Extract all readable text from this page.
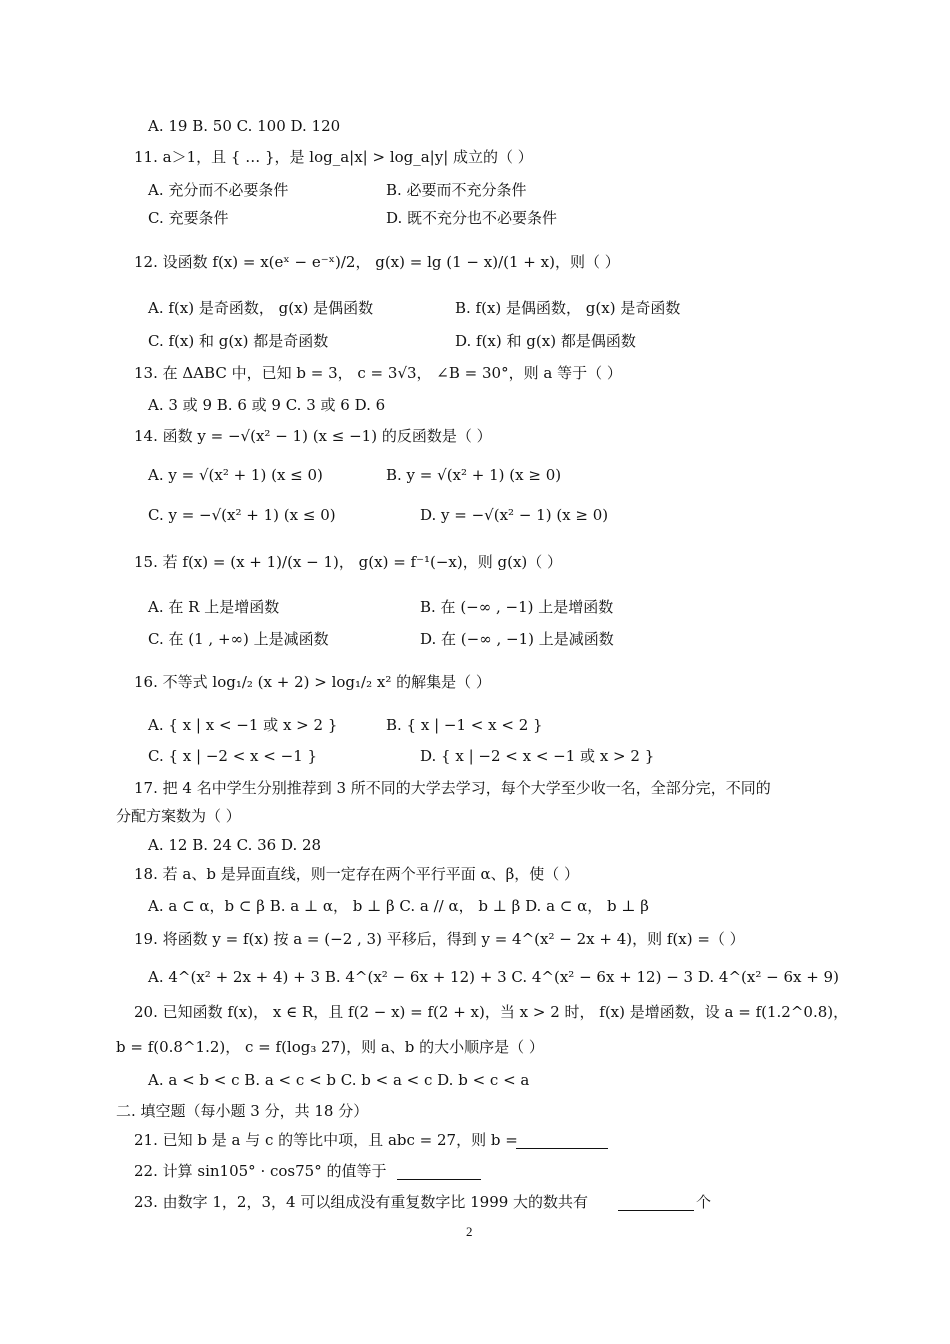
A. 19 B. 50 C. 100 D. 120
11. a＞1，且 { … }，是 log_a|x| > log_a|y| 成立的（ ）
A. 充分而不必要条件	B. 必要而不充分条件
C. 充要条件	D. 既不充分也不必要条件
12. 设函数 f(x) = x(eˣ − e⁻ˣ)/2， g(x) = lg (1 − x)/(1 + x)，则（ ）
A. f(x) 是奇函数， g(x) 是偶函数	B. f(x) 是偶函数， g(x) 是奇函数
C. f(x) 和 g(x) 都是奇函数	D. f(x) 和 g(x) 都是偶函数
13. 在 ΔABC 中，已知 b = 3， c = 3√3， ∠B = 30°，则 a 等于（ ）
A. 3 或 9 B. 6 或 9 C. 3 或 6 D. 6
14. 函数 y = −√(x² − 1) (x ≤ −1) 的反函数是（ ）
A. y = √(x² + 1) (x ≤ 0)	B. y = √(x² + 1) (x ≥ 0)
C. y = −√(x² + 1) (x ≤ 0)	D. y = −√(x² − 1) (x ≥ 0)
15. 若 f(x) = (x + 1)/(x − 1)， g(x) = f⁻¹(−x)，则 g(x)（ ）
A. 在 R 上是增函数	B. 在 (−∞ , −1) 上是增函数
C. 在 (1 , +∞) 上是减函数	D. 在 (−∞ , −1) 上是减函数
16. 不等式 log₁/₂ (x + 2) > log₁/₂ x² 的解集是（ ）
A. { x | x < −1 或 x > 2 }	B. { x | −1 < x < 2 }
C. { x | −2 < x < −1 }	D. { x | −2 < x < −1 或 x > 2 }
17. 把 4 名中学生分别推荐到 3 所不同的大学去学习，每个大学至少收一名，全部分完，不同的
分配方案数为（ ）
A. 12 B. 24 C. 36 D. 28
18. 若 a、b 是异面直线，则一定存在两个平行平面 α、β，使（ ）
A. a ⊂ α，b ⊂ β B. a ⊥ α， b ⊥ β C. a // α， b ⊥ β D. a ⊂ α， b ⊥ β
19. 将函数 y = f(x) 按 a = (−2 , 3) 平移后，得到 y = 4^(x² − 2x + 4)，则 f(x) =（ ）
A. 4^(x² + 2x + 4) + 3 B. 4^(x² − 6x + 12) + 3 C. 4^(x² − 6x + 12) − 3 D. 4^(x² − 6x + 9)
20. 已知函数 f(x)， x ∈ R，且 f(2 − x) = f(2 + x)，当 x > 2 时， f(x) 是增函数，设 a = f(1.2^0.8)，
b = f(0.8^1.2)， c = f(log₃ 27)，则 a、b 的大小顺序是（ ）
A. a < b < c B. a < c < b C. b < a < c D. b < c < a
二. 填空题（每小题 3 分，共 18 分）
21. 已知 b 是 a 与 c 的等比中项，且 abc = 27，则 b =
22. 计算 sin105° · cos75° 的值等于
23. 由数字 1，2，3，4 可以组成没有重复数字比 1999 大的数共有	个
2
